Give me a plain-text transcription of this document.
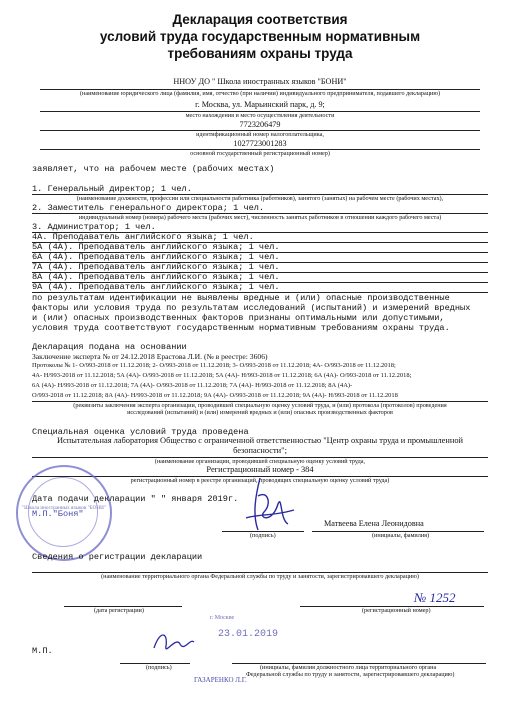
Декларация соответствия
условий труда государственным нормативным
требованиям охраны труда
ННОУ ДО " Школа иностранных языков "БОНИ"
(наименование юридического лица (фамилия, имя, отчество (при наличии) индивидуального предпринимателя, подавшего декларацию)
г. Москва, ул. Марьинский парк, д. 9;
место нахождения и место осуществления деятельности
7723206479
идентификационный номер налогоплательщика,
1027723001283
основной государственный регистрационный номер)
заявляет, что на рабочем месте (рабочих местах)
1. Генеральный директор; 1 чел.
(наименование должности, профессии или специальности работника (работников), занятого (занятых) на рабочем месте (рабочих местах),
2. Заместитель генерального директора; 1 чел.
индивидуальный номер (номера) рабочего места (рабочих мест), численность занятых работников в отношении каждого рабочего места)
3. Администратор; 1 чел.
4А. Преподаватель английского языка; 1 чел.
5А (4А). Преподаватель английского языка; 1 чел.
6А (4А). Преподаватель английского языка; 1 чел.
7А (4А). Преподаватель английского языка; 1 чел.
8А (4А). Преподаватель английского языка; 1 чел.
9А (4А). Преподаватель английского языка; 1 чел.
по результатам идентификации не выявлены вредные и (или) опасные производственные
факторы или условия труда по результатам исследований (испытаний) и измерений вредных
и (или) опасных производственных факторов признаны оптимальными или допустимыми,
условия труда соответствуют государственным нормативным требованиям охраны труда.
Декларация подана на основании
Заключение эксперта № от 24.12.2018 Ерастова Л.И. (№ в реестре: 3606)
Протоколы № 1- О/993-2018 от 11.12.2018; 2- О/993-2018 от 11.12.2018; 3- О/993-2018 от 11.12.2018; 4А- О/993-2018 от 11.12.2018;
4А- Н/993-2018 от 11.12.2018; 5А (4А)- О/993-2018 от 11.12.2018; 5А (4А)- Н/993-2018 от 11.12.2018; 6А (4А)- О/993-2018 от 11.12.2018;
6А (4А)- Н/993-2018 от 11.12.2018; 7А (4А)- О/993-2018 от 11.12.2018; 7А (4А)- Н/993-2018 от 11.12.2018; 8А (4А)-
О/993-2018 от 11.12.2018; 8А (4А)- Н/993-2018 от 11.12.2018; 9А (4А)- О/993-2018 от 11.12.2018; 9А (4А)- Н/993-2018 от 11.12.2018
(реквизиты заключения эксперта организации, проводившей специальную оценку условий труда, и (или) протокола (протоколов) проведения
исследований (испытаний) и (или) измерений вредных и (или) опасных производственных факторов
Специальная оценка условий труда проведена
Испытательная лаборатория Общество с ограниченной ответственностью "Центр охраны труда и промышленной
безопасности";
(наименование организации, проводившей специальную оценку условий труда,
Регистрационный номер - 384
регистрационный номер в реестре организаций, проводящих специальную оценку условий труда)
"Школа иностранных языков "БОНИ"
Дата подачи декларации " " января 2019г.
М.П."Боня"
(подпись)
Матвеева Елена Леонидовна
(инициалы, фамилия)
Сведения о регистрации декларации
(наименование территориального органа Федеральной службы по труду и занятости, зарегистрировавшего декларацию)
№ 1252
(дата регистрации)	(регистрационный номер)
г. Москве
23.01.2019
М.П.
(подпись)	(инициалы, фамилия должностного лица территориального органа
Федеральной службы по труду и занятости, зарегистрировавшего декларацию)
ГАЗАРЕНКО Л.Г.
